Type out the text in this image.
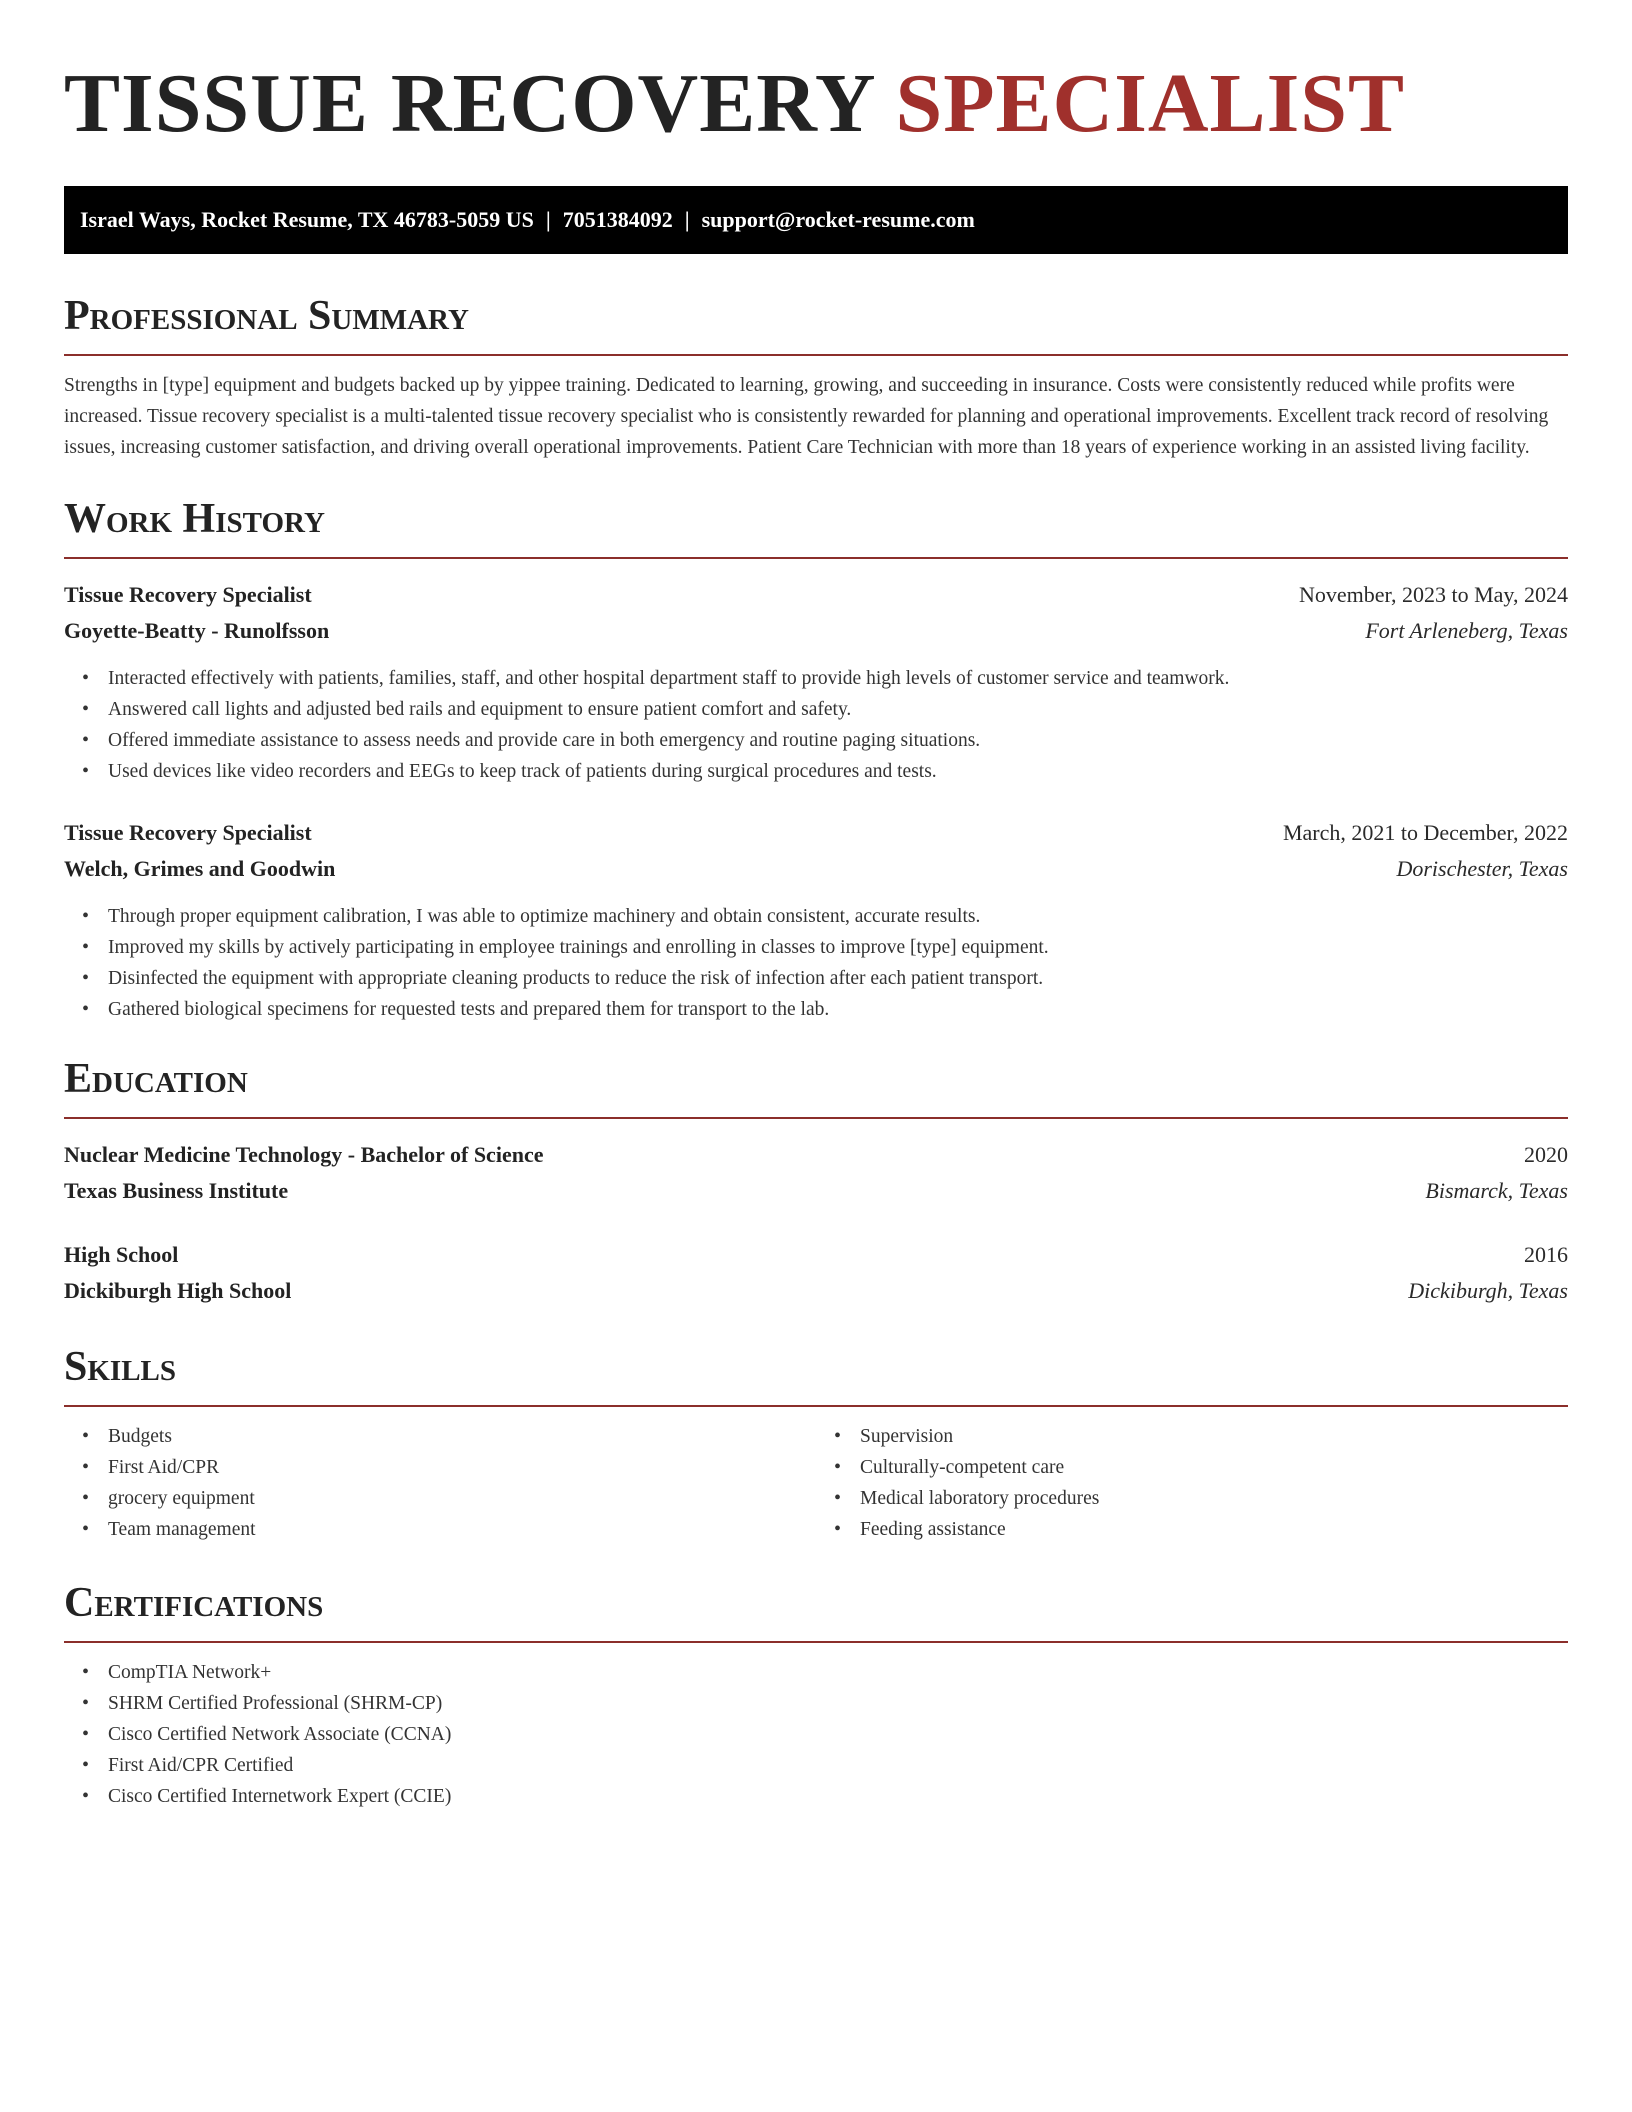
TISSUE RECOVERY SPECIALIST
Israel Ways, Rocket Resume, TX 46783-5059 US | 7051384092 | support@rocket-resume.com
Professional Summary

Strengths in [type] equipment and budgets backed up by yippee training. Dedicated to learning, growing, and succeeding in insurance. Costs were consistently reduced while profits were increased. Tissue recovery specialist is a multi-talented tissue recovery specialist who is consistently rewarded for planning and operational improvements. Excellent track record of resolving issues, increasing customer satisfaction, and driving overall operational improvements. Patient Care Technician with more than 18 years of experience working in an assisted living facility.

Work History
Tissue Recovery Specialist	November, 2023 to May, 2024
Goyette-Beatty - Runolfsson	Fort Arleneberg, Texas
• Interacted effectively with patients, families, staff, and other hospital department staff to provide high levels of customer service and teamwork.
• Answered call lights and adjusted bed rails and equipment to ensure patient comfort and safety.
• Offered immediate assistance to assess needs and provide care in both emergency and routine paging situations.
• Used devices like video recorders and EEGs to keep track of patients during surgical procedures and tests.
Tissue Recovery Specialist	March, 2021 to December, 2022
Welch, Grimes and Goodwin	Dorischester, Texas
• Through proper equipment calibration, I was able to optimize machinery and obtain consistent, accurate results.
• Improved my skills by actively participating in employee trainings and enrolling in classes to improve [type] equipment.
• Disinfected the equipment with appropriate cleaning products to reduce the risk of infection after each patient transport.
• Gathered biological specimens for requested tests and prepared them for transport to the lab.
Education
Nuclear Medicine Technology - Bachelor of Science	2020
Texas Business Institute	Bismarck, Texas
High School	2016
Dickiburgh High School	Dickiburgh, Texas
Skills
• Budgets
• First Aid/CPR
• grocery equipment
• Team management
• Supervision
• Culturally-competent care
• Medical laboratory procedures
• Feeding assistance
Certifications
• CompTIA Network+
• SHRM Certified Professional (SHRM-CP)
• Cisco Certified Network Associate (CCNA)
• First Aid/CPR Certified
• Cisco Certified Internetwork Expert (CCIE)
